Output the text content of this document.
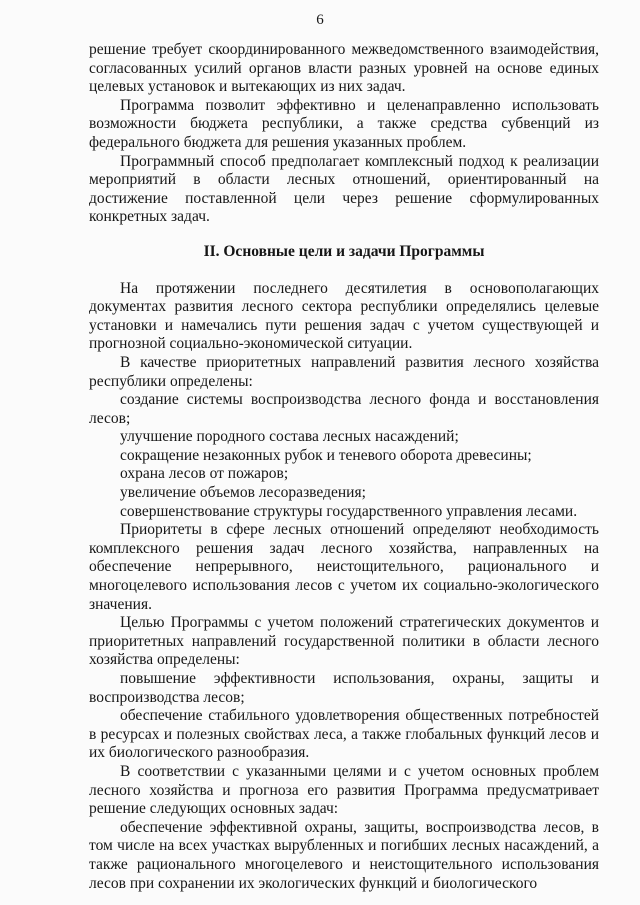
6

решение требует скоординированного межведомственного взаимодействия, согласованных усилий органов власти разных уровней на основе единых целевых установок и вытекающих из них задач.

Программа позволит эффективно и целенаправленно использовать возможности бюджета республики, а также средства субвенций из федерального бюджета для решения указанных проблем.

Программный способ предполагает комплексный подход к реализации мероприятий в области лесных отношений, ориентированный на достижение поставленной цели через решение сформулированных конкретных задач.

II. Основные цели и задачи Программы

На протяжении последнего десятилетия в основополагающих документах развития лесного сектора республики определялись целевые установки и намечались пути решения задач с учетом существующей и прогнозной социально-экономической ситуации.

В качестве приоритетных направлений развития лесного хозяйства республики определены:

создание системы воспроизводства лесного фонда и восстановления лесов;

улучшение породного состава лесных насаждений;

сокращение незаконных рубок и теневого оборота древесины;

охрана лесов от пожаров;

увеличение объемов лесоразведения;

совершенствование структуры государственного управления лесами.

Приоритеты в сфере лесных отношений определяют необходимость комплексного решения задач лесного хозяйства, направленных на обеспечение непрерывного, неистощительного, рационального и многоцелевого использования лесов с учетом их социально-экологического значения.

Целью Программы с учетом положений стратегических документов и приоритетных направлений государственной политики в области лесного хозяйства определены:

повышение эффективности использования, охраны, защиты и воспроизводства лесов;

обеспечение стабильного удовлетворения общественных потребностей в ресурсах и полезных свойствах леса, а также глобальных функций лесов и их биологического разнообразия.

В соответствии с указанными целями и с учетом основных проблем лесного хозяйства и прогноза его развития Программа предусматривает решение следующих основных задач:

обеспечение эффективной охраны, защиты, воспроизводства лесов, в том числе на всех участках вырубленных и погибших лесных насаждений, а также рационального многоцелевого и неистощительного использования лесов при сохранении их экологических функций и биологического
